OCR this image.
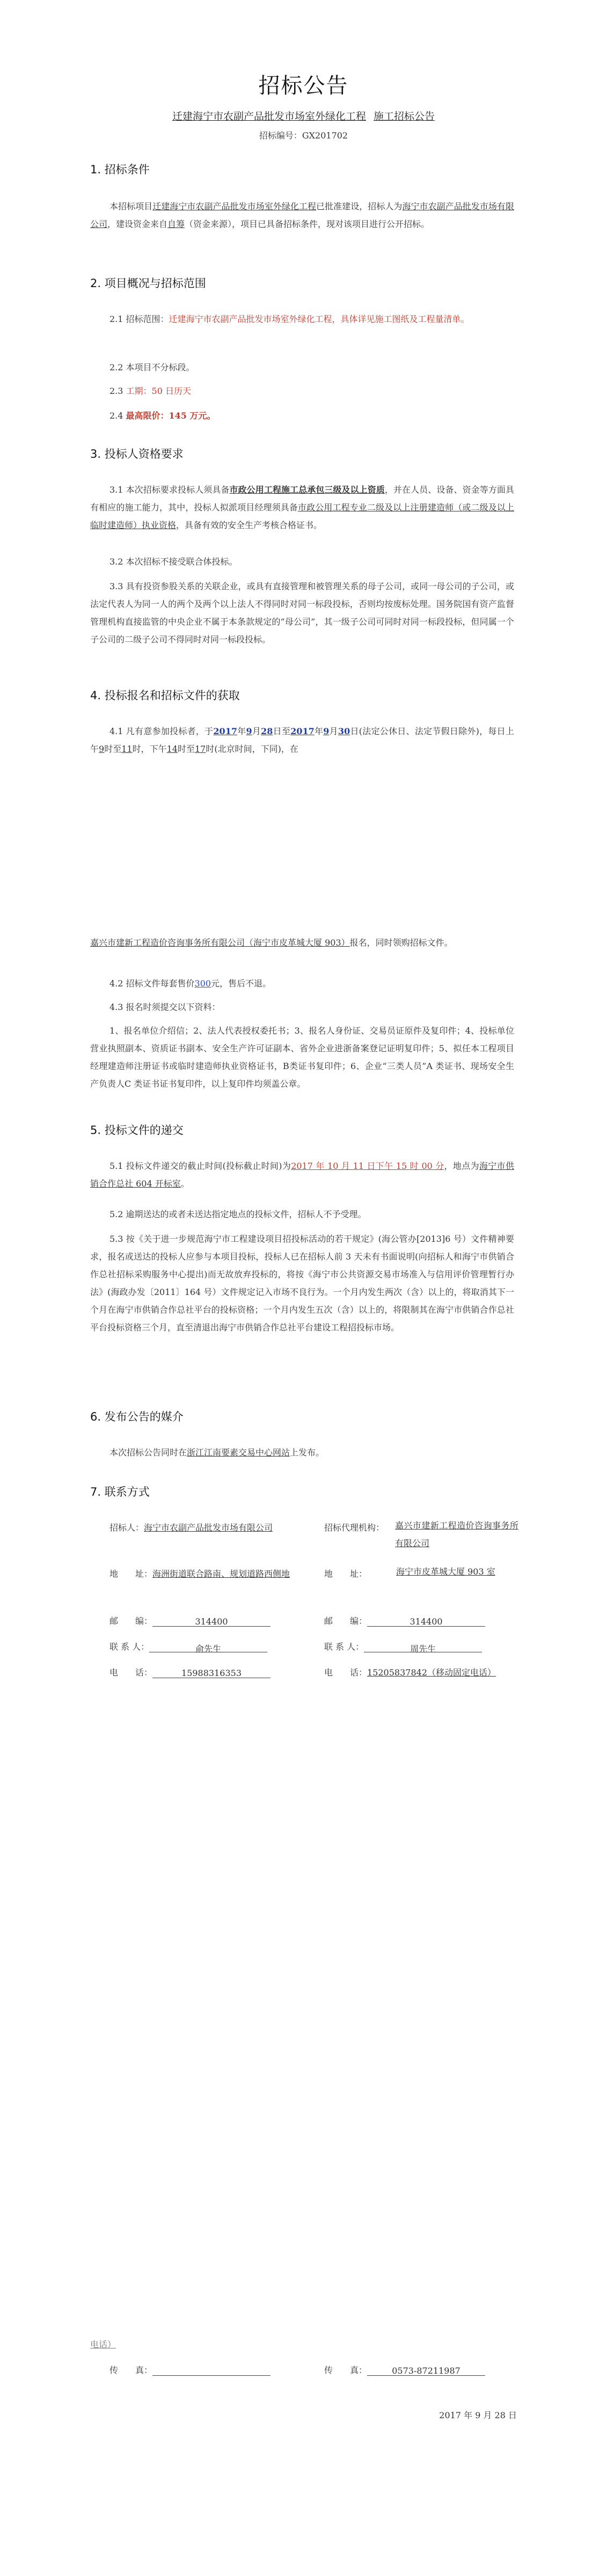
招标公告
迁建海宁市农副产品批发市场室外绿化工程 施工招标公告
招标编号：GX201702
1. 招标条件
本招标项目迁建海宁市农副产品批发市场室外绿化工程已批准建设，招标人为海宁市农副产品批发市场有限公司，建设资金来自自筹（资金来源），项目已具备招标条件，现对该项目进行公开招标。
2. 项目概况与招标范围
2.1 招标范围：迁建海宁市农副产品批发市场室外绿化工程，具体详见施工图纸及工程量清单。
2.2 本项目不分标段。
2.3 工期：50 日历天
2.4 最高限价：145 万元。
3. 投标人资格要求
3.1 本次招标要求投标人须具备市政公用工程施工总承包三级及以上资质，并在人员、设备、资金等方面具有相应的施工能力，其中，投标人拟派项目经理须具备市政公用工程专业二级及以上注册建造师（或二级及以上临时建造师）执业资格，具备有效的安全生产考核合格证书。
3.2 本次招标不接受联合体投标。
3.3 具有投资参股关系的关联企业，或具有直接管理和被管理关系的母子公司，或同一母公司的子公司，或法定代表人为同一人的两个及两个以上法人不得同时对同一标段投标，否则均按废标处理。国务院国有资产监督管理机构直接监管的中央企业不属于本条款规定的“母公司”，其一级子公司可同时对同一标段投标，但同属一个子公司的二级子公司不得同时对同一标段投标。
4. 投标报名和招标文件的获取
4.1 凡有意参加投标者，于2017年9月28日至2017年9月30日(法定公休日、法定节假日除外)，每日上午9时至11时，下午14时至17时(北京时间，下同)，在
嘉兴市建新工程造价咨询事务所有限公司（海宁市皮革城大厦 903）报名，同时领购招标文件。
4.2 招标文件每套售价300元，售后不退。
4.3 报名时须提交以下资料：
1、报名单位介绍信；2、法人代表授权委托书；3、报名人身份证、交易员证原件及复印件；4、投标单位营业执照副本、资质证书副本、安全生产许可证副本、省外企业进浙备案登记证明复印件；5、拟任本工程项目经理建造师注册证书或临时建造师执业资格证书，B类证书复印件；6、企业“三类人员”A 类证书、现场安全生产负责人C 类证书证书复印件，以上复印件均须盖公章。
5. 投标文件的递交
5.1 投标文件递交的截止时间(投标截止时间)为2017 年 10 月 11 日下午 15 时 00 分，地点为海宁市供销合作总社 604 开标室。
5.2 逾期送达的或者未送达指定地点的投标文件，招标人不予受理。
5.3 按《关于进一步规范海宁市工程建设项目招投标活动的若干规定》(海公管办[2013]6 号）文件精神要求，报名或送达的投标人应参与本项目投标，投标人已在招标人前 3 天未有书面说明(向招标人和海宁市供销合作总社招标采购服务中心提出)而无故放弃投标的，将按《海宁市公共资源交易市场准入与信用评价管理暂行办法》(海政办发〔2011〕164 号）文件规定记入市场不良行为。一个月内发生两次（含）以上的，将取消其下一个月在海宁市供销合作总社平台的投标资格；一个月内发生五次（含）以上的，将限制其在海宁市供销合作总社平台投标资格三个月，直至清退出海宁市供销合作总社平台建设工程招投标市场。
6. 发布公告的媒介
本次招标公告同时在浙江江南要素交易中心网站上发布。
7. 联系方式
招标人：海宁市农副产品批发市场有限公司	招标代理机构： 嘉兴市建新工程造价咨询事务所有限公司
地　　址：海洲街道联合路南、规划道路西侧地	地　　址：	海宁市皮革城大厦 903 室
邮　　编：	314400	邮　　编：	314400
联 系 人：	俞先生	联 系 人：	周先生
电　　话：	15988316353	电　　话：15205837842（移动固定电话）
电话）
传　　真：	传　　真：	0573-87211987
2017 年 9 月 28 日
